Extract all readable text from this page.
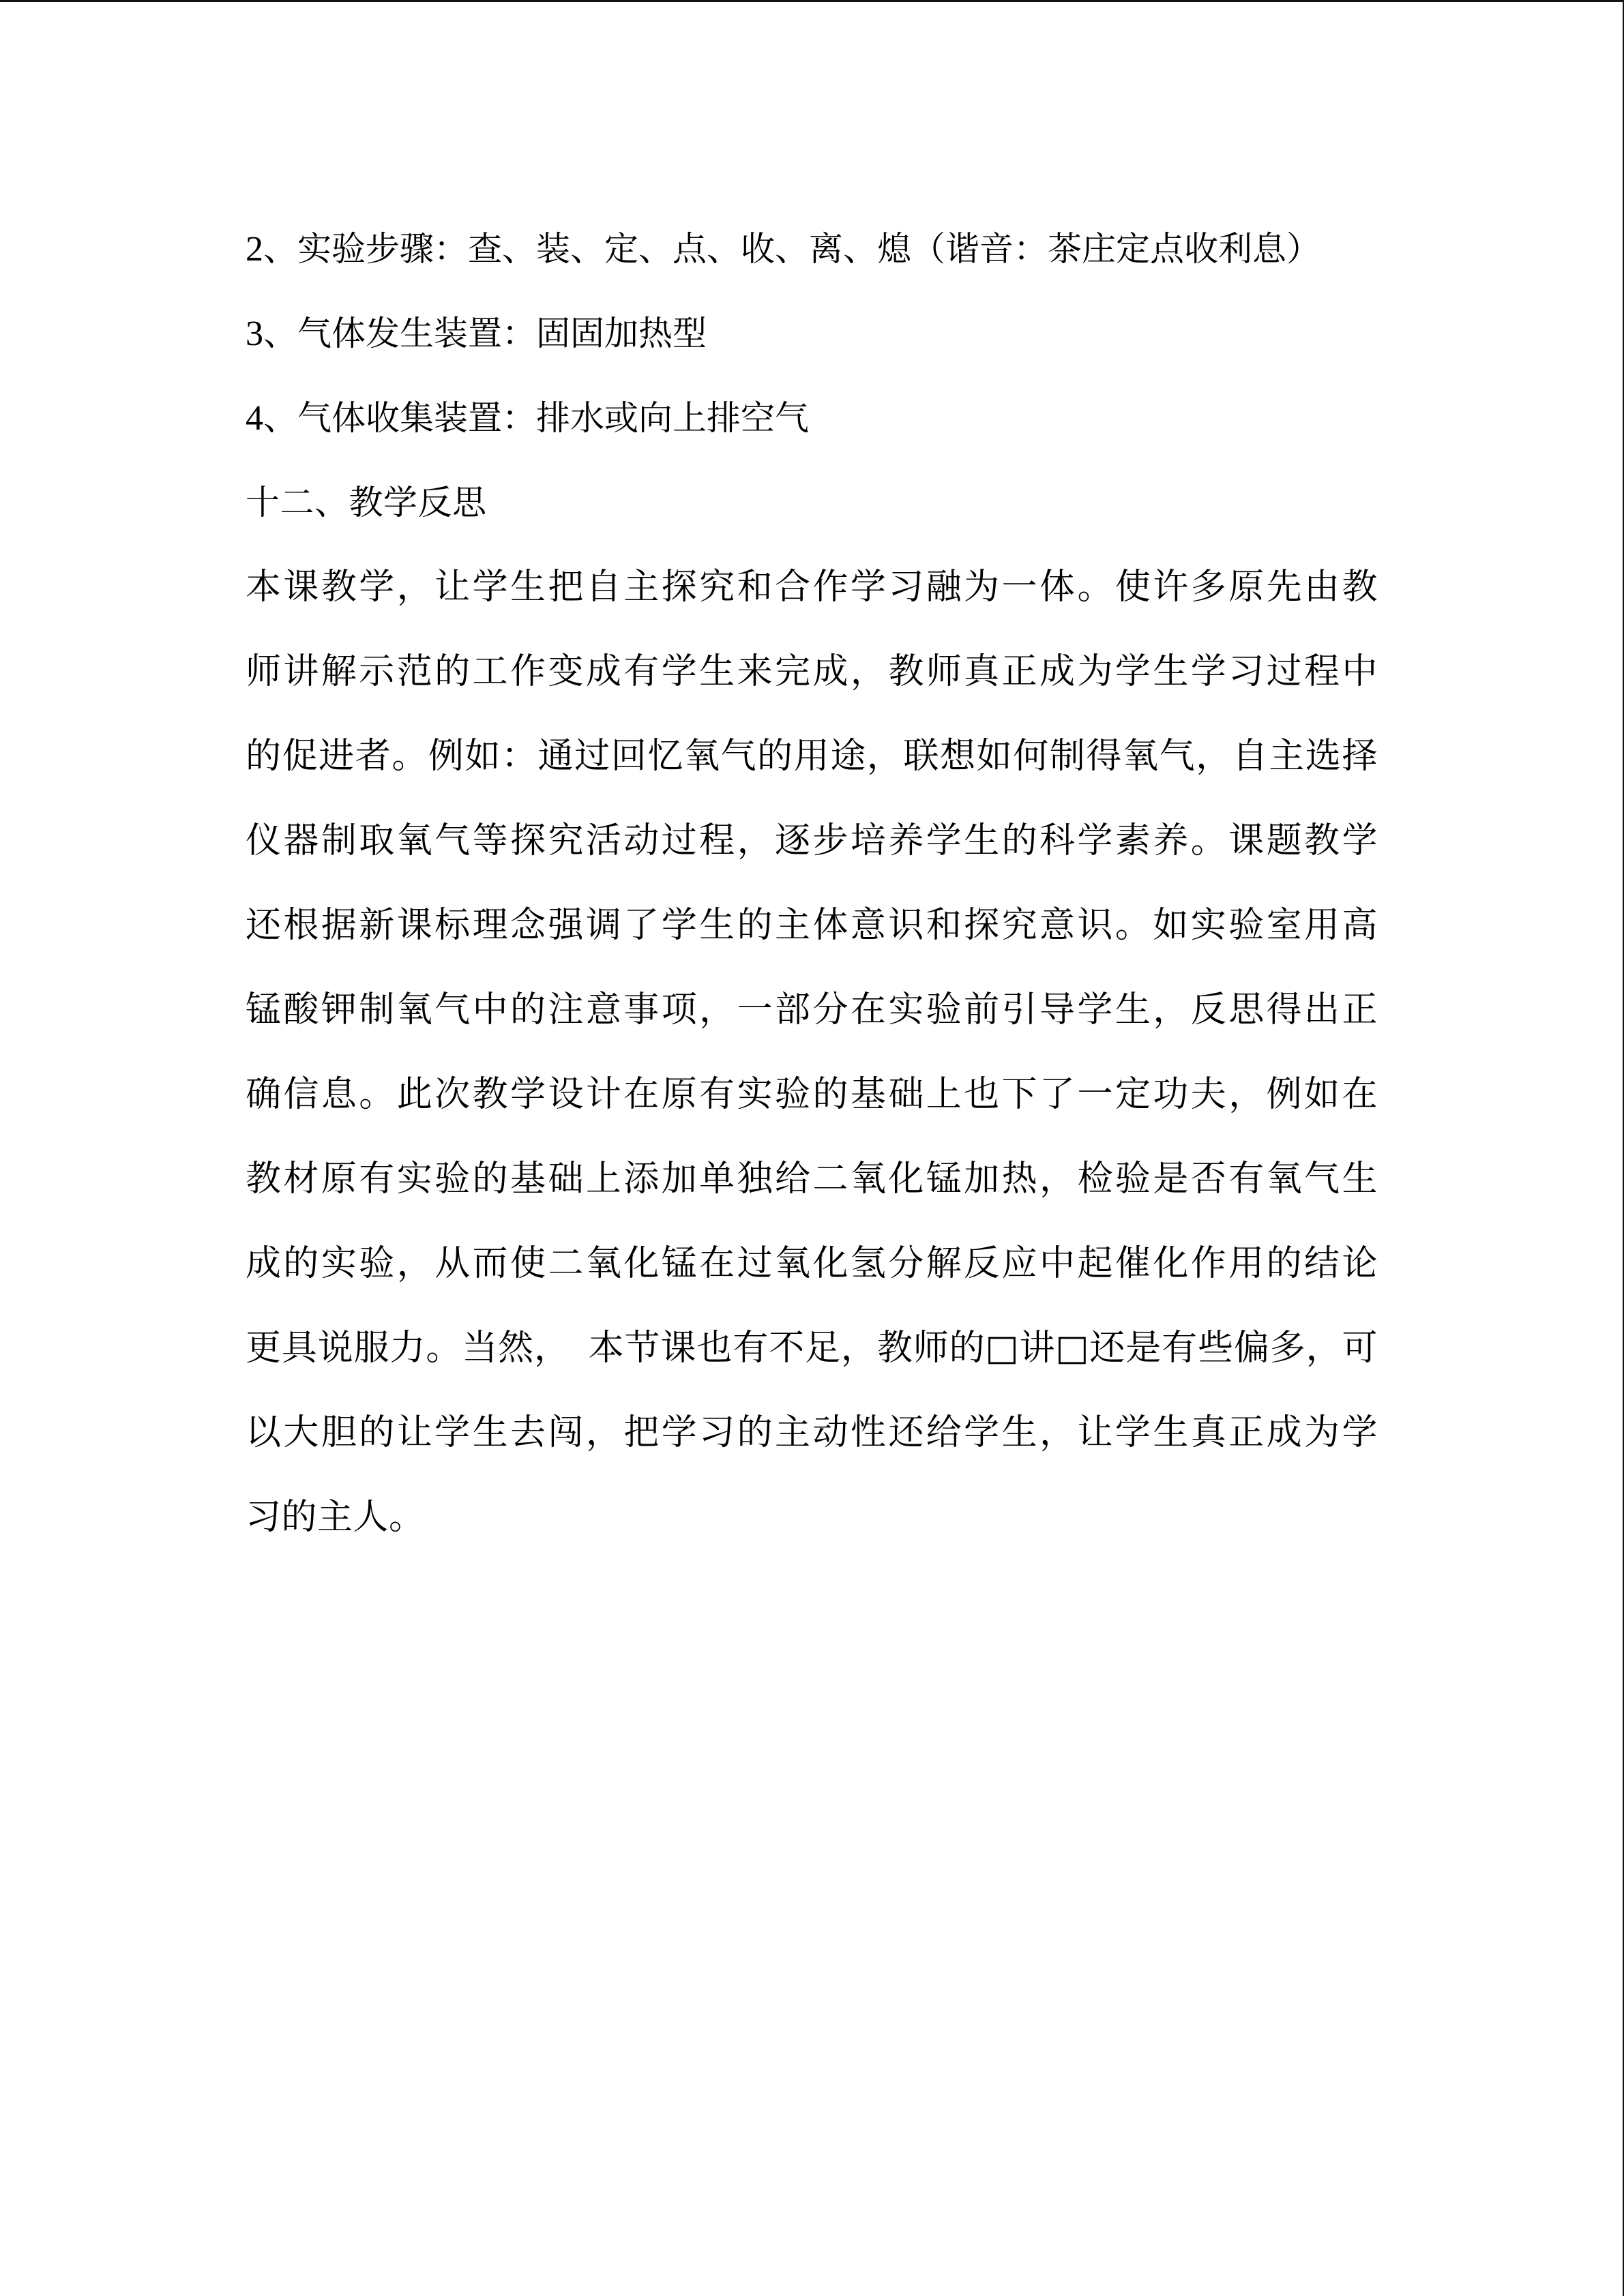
2、实验步骤：查、装、定、点、收、离、熄（谐音：茶庄定点收利息）
3、气体发生装置：固固加热型
4、气体收集装置：排水或向上排空气
十二、教学反思
本课教学，让学生把自主探究和合作学习融为一体。使许多原先由教
师讲解示范的工作变成有学生来完成，教师真正成为学生学习过程中
的促进者。例如：通过回忆氧气的用途，联想如何制得氧气，自主选择
仪器制取氧气等探究活动过程，逐步培养学生的科学素养。课题教学
还根据新课标理念强调了学生的主体意识和探究意识。如实验室用高
锰酸钾制氧气中的注意事项，一部分在实验前引导学生，反思得出正
确信息。此次教学设计在原有实验的基础上也下了一定功夫，例如在
教材原有实验的基础上添加单独给二氧化锰加热，检验是否有氧气生
成的实验，从而使二氧化锰在过氧化氢分解反应中起催化作用的结论
更具说服力。当然，　本节课也有不足，教师的□讲□还是有些偏多，可
以大胆的让学生去闯，把学习的主动性还给学生，让学生真正成为学
习的主人。
